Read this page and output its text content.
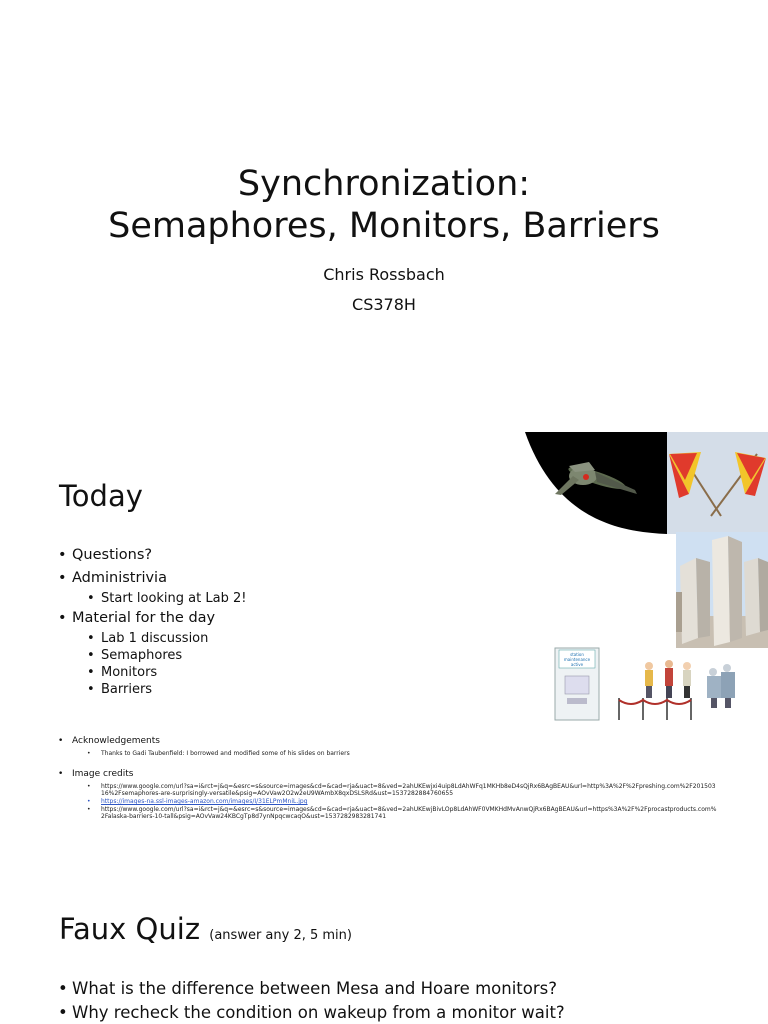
Synchronization:
Semaphores, Monitors, Barriers
Chris Rossbach
CS378H
Today
• Questions?
• Administrivia
• Start looking at Lab 2!
• Material for the day
• Lab 1 discussion
• Semaphores
• Monitors
• Barriers
• Acknowledgements
• Thanks to Gadi Taubenfield: I borrowed and modified some of his slides on barriers
• Image credits
• https://www.google.com/url?sa=i&rct=j&q=&esrc=s&source=images&cd=&cad=rja&uact=8&ved=2ahUKEwjxi4uip8LdAhWFq1MKHb8eD4sQjRx6BAgBEAU&url=http%3A%2F%2Fpreshing.com%2F20150316%2Fsemaphores-are-surprisingly-versatile&psig=AOvVaw2O2w2eU9WAmbX8qxDSLSRd&ust=1537282884760655
• https://images-na.ssl-images-amazon.com/images/I/31ELPmMniL.jpg
• https://www.google.com/url?sa=i&rct=j&q=&esrc=s&source=images&cd=&cad=rja&uact=8&ved=2ahUKEwjBivLOp8LdAhWF0VMKHdMvAnwQjRx6BAgBEAU&url=https%3A%2F%2Fprocastproducts.com%2Falaska-barriers-10-tall&psig=AOvVaw24KBCgTp8d7ynNpqcwcaqO&ust=1537282983281741
station
maintenance
active
Faux Quiz (answer any 2, 5 min)
• What is the difference between Mesa and Hoare monitors?
• Why recheck the condition on wakeup from a monitor wait?
